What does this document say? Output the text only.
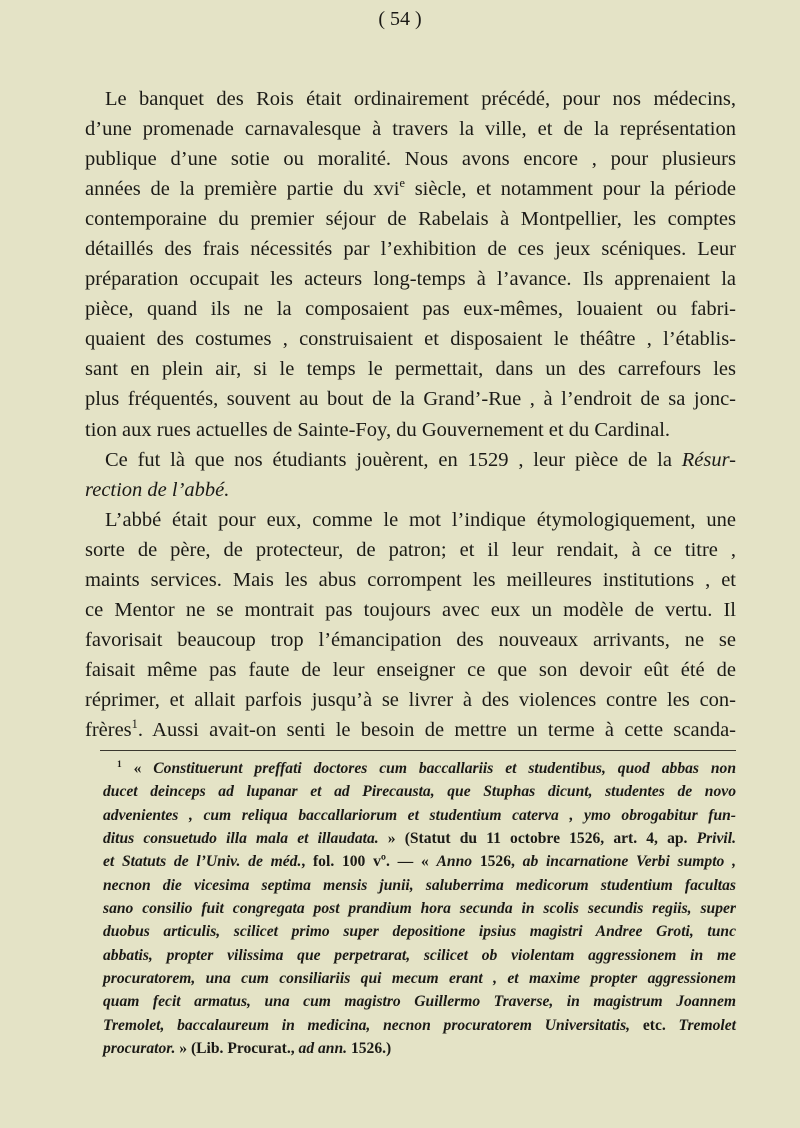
( 54 )
Le banquet des Rois était ordinairement précédé, pour nos médecins,
d’une promenade carnavalesque à travers la ville, et de la représentation
publique d’une sotie ou moralité. Nous avons encore , pour plusieurs
années de la première partie du xvi$^e$ siècle, et notamment pour la période
contemporaine du premier séjour de Rabelais à Montpellier, les comptes
détaillés des frais nécessités par l’exhibition de ces jeux scéniques. Leur
préparation occupait les acteurs long-temps à l’avance. Ils apprenaient la
pièce, quand ils ne la composaient pas eux-mêmes, louaient ou fabri-
quaient des costumes , construisaient et disposaient le théâtre , l’établis-
sant en plein air, si le temps le permettait, dans un des carrefours les
plus fréquentés, souvent au bout de la Grand’-Rue , à l’endroit de sa jonc-
tion aux rues actuelles de Sainte-Foy, du Gouvernement et du Cardinal.
Ce fut là que nos étudiants jouèrent, en 1529 , leur pièce de la Résur-
rection de l’abbé.
L’abbé était pour eux, comme le mot l’indique étymologiquement, une
sorte de père, de protecteur, de patron; et il leur rendait, à ce titre ,
maints services. Mais les abus corrompent les meilleures institutions , et
ce Mentor ne se montrait pas toujours avec eux un modèle de vertu. Il
favorisait beaucoup trop l’émancipation des nouveaux arrivants, ne se
faisait même pas faute de leur enseigner ce que son devoir eût été de
réprimer, et allait parfois jusqu’à se livrer à des violences contre les con-
frères$^1$. Aussi avait-on senti le besoin de mettre un terme à cette scanda-
$^1$ « Constituerunt preffati doctores cum baccallariis et studentibus, quod abbas non
ducet deinceps ad lupanar et ad Pirecausta, que Stuphas dicunt, studentes de novo
advenientes , cum reliqua baccallariorum et studentium caterva , ymo obrogabitur fun-
ditus consuetudo illa mala et illaudata. » (Statut du 11 octobre 1526, art. 4, ap. Privil.
et Statuts de l’Univ. de méd., fol. 100 vº. — « Anno 1526, ab incarnatione Verbi sumpto ,
necnon die vicesima septima mensis junii, saluberrima medicorum studentium facultas
sano consilio fuit congregata post prandium hora secunda in scolis secundis regiis, super
duobus articulis, scilicet primo super depositione ipsius magistri Andree Groti, tunc
abbatis, propter vilissima que perpetrarat, scilicet ob violentam aggressionem in me
procuratorem, una cum consiliariis qui mecum erant , et maxime propter aggressionem
quam fecit armatus, una cum magistro Guillermo Traverse, in magistrum Joannem
Tremolet, baccalaureum in medicina, necnon procuratorem Universitatis, etc. Tremolet
procurator. » (Lib. Procurat., ad ann. 1526.)
